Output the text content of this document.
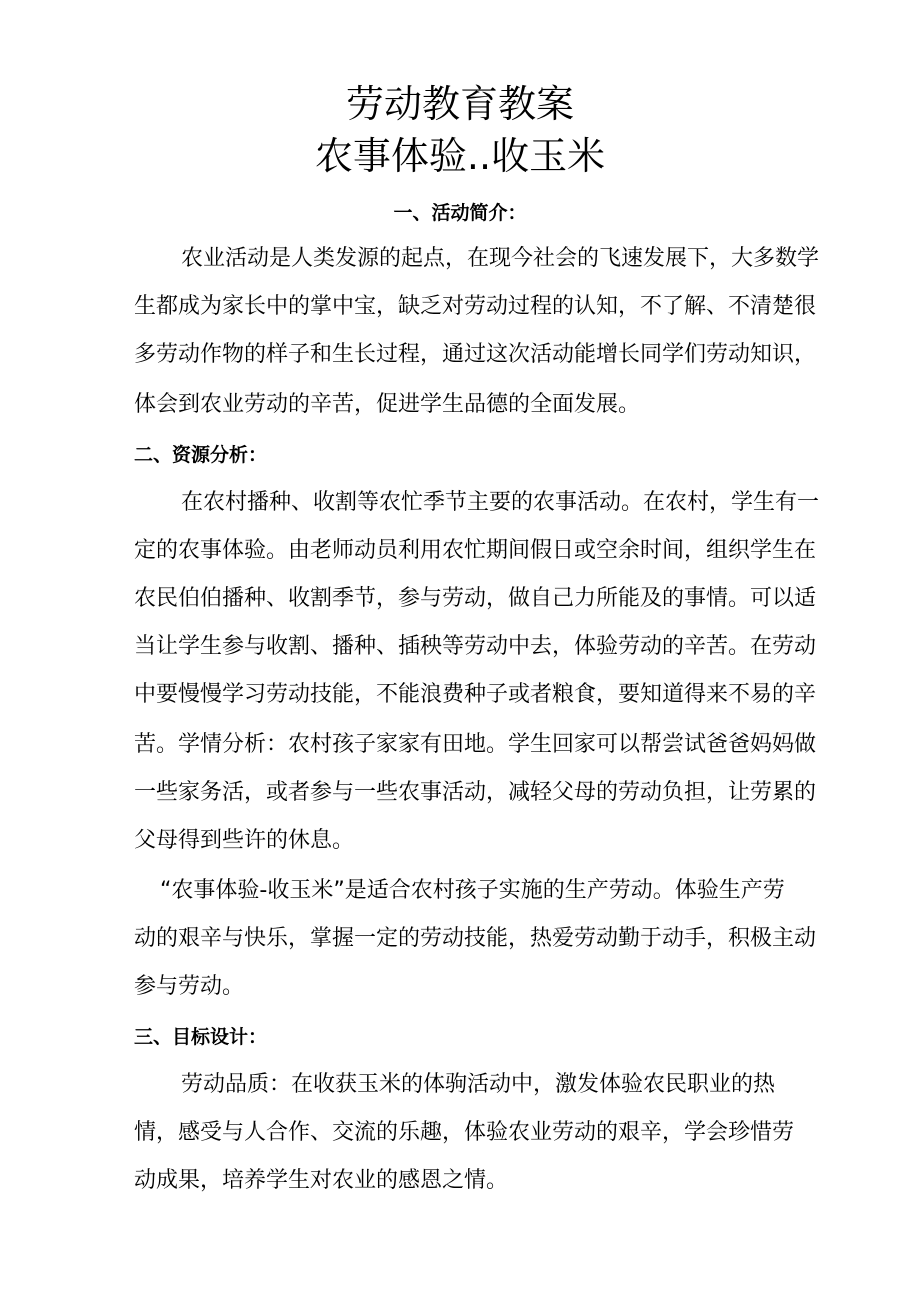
劳动教育教案
农事体验..收玉米
一、活动简介：
农业活动是人类发源的起点，在现今社会的飞速发展下，大多数学
生都成为家长中的掌中宝，缺乏对劳动过程的认知，不了解、不清楚很
多劳动作物的样子和生长过程，通过这次活动能增长同学们劳动知识，
体会到农业劳动的辛苦，促进学生品德的全面发展。
二、资源分析：
在农村播种、收割等农忙季节主要的农事活动。在农村，学生有一
定的农事体验。由老师动员利用农忙期间假日或空余时间，组织学生在
农民伯伯播种、收割季节，参与劳动，做自己力所能及的事情。可以适
当让学生参与收割、播种、插秧等劳动中去，体验劳动的辛苦。在劳动
中要慢慢学习劳动技能，不能浪费种子或者粮食，要知道得来不易的辛
苦。学情分析：农村孩子家家有田地。学生回家可以帮尝试爸爸妈妈做
一些家务活，或者参与一些农事活动，减轻父母的劳动负担，让劳累的
父母得到些许的休息。
“农事体验-收玉米”是适合农村孩子实施的生产劳动。体验生产劳
动的艰辛与快乐，掌握一定的劳动技能，热爱劳动勤于动手，积极主动
参与劳动。
三、目标设计：
劳动品质：在收获玉米的体驹活动中，激发体验农民职业的热
情，感受与人合作、交流的乐趣，体验农业劳动的艰辛，学会珍惜劳
动成果，培养学生对农业的感恩之情。
